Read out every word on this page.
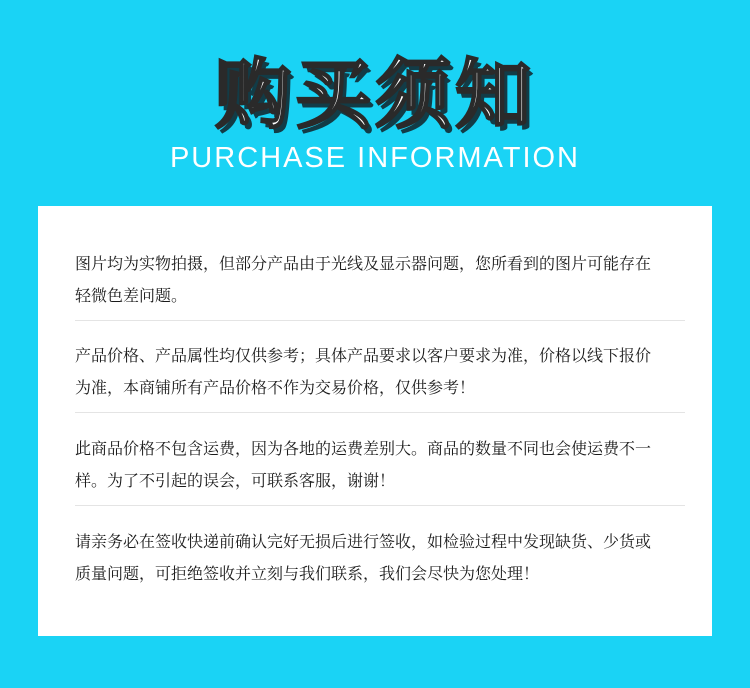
购买须知
PURCHASE INFORMATION
图片均为实物拍摄，但部分产品由于光线及显示器问题，您所看到的图片可能存在
轻微色差问题。
产品价格、产品属性均仅供参考；具体产品要求以客户要求为准，价格以线下报价
为准，本商铺所有产品价格不作为交易价格，仅供参考！
此商品价格不包含运费，因为各地的运费差别大。商品的数量不同也会使运费不一
样。为了不引起的误会，可联系客服，谢谢！
请亲务必在签收快递前确认完好无损后进行签收，如检验过程中发现缺货、少货或
质量问题，可拒绝签收并立刻与我们联系，我们会尽快为您处理！
